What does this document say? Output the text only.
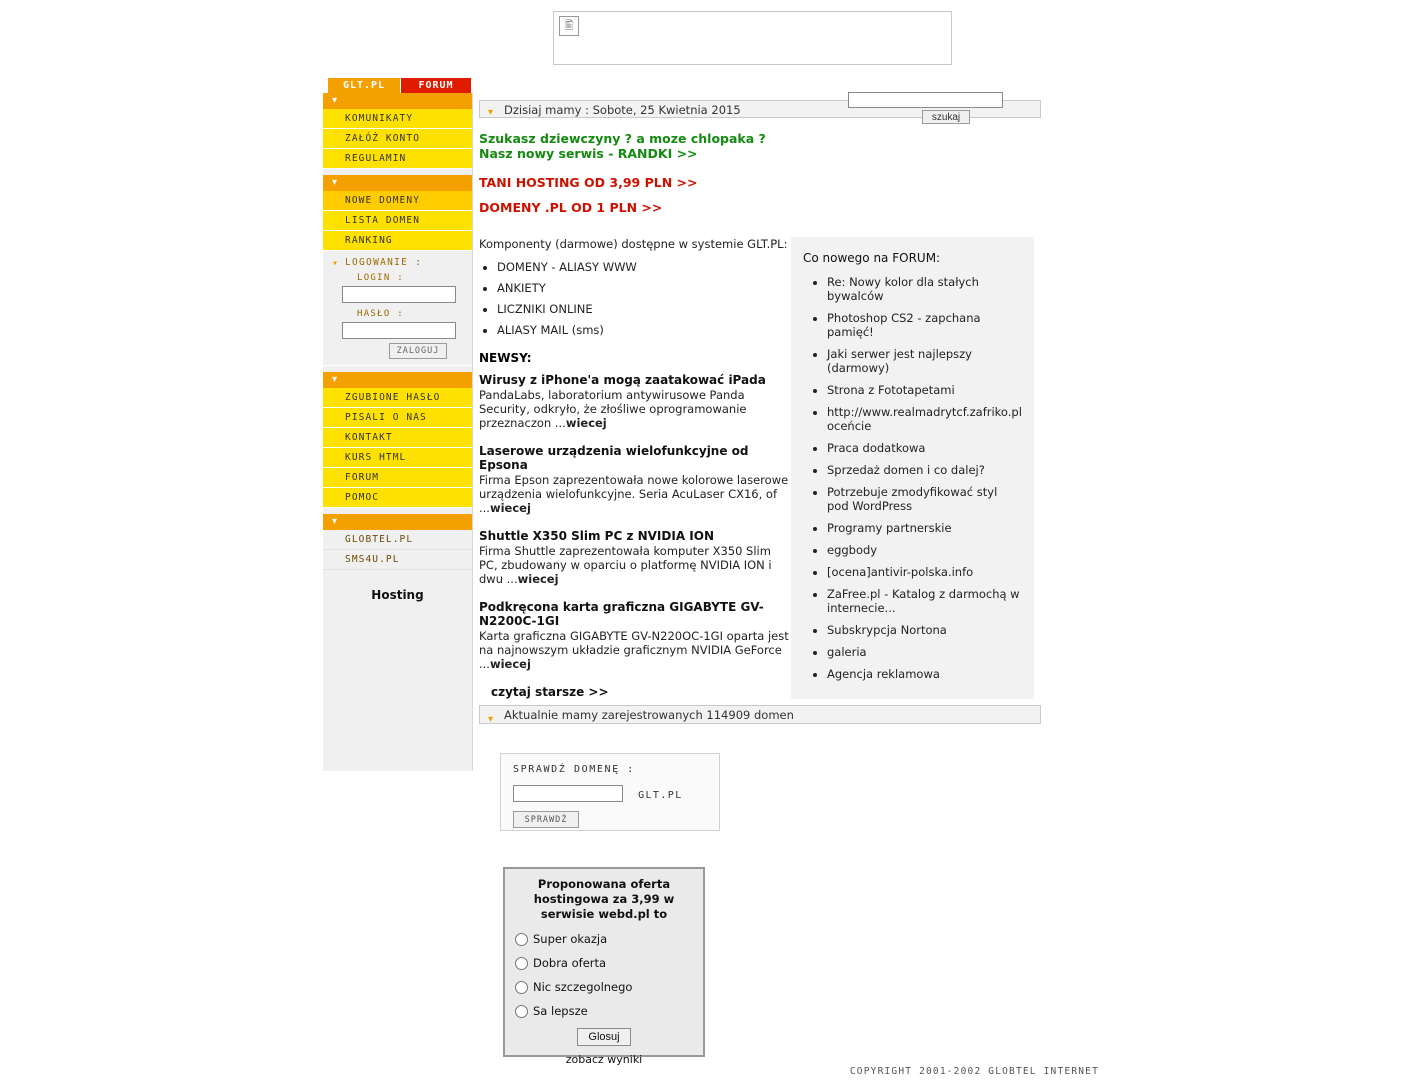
🖺
GLT.PL	FORUM
▾
KOMUNIKATY
ZAŁÓŻ KONTO
REGULAMIN
▾
NOWE DOMENY
LISTA DOMEN
RANKING
▾ LOGOWANIE :
LOGIN :
HASŁO :
ZALOGUJ
▾
ZGUBIONE HASŁO
PISALI O NAS
KONTAKT
KURS HTML
FORUM
POMOC
▾
GLOBTEL.PL
SMS4U.PL
Hosting
▾ Dzisiaj mamy : Sobote, 25 Kwietnia 2015
Szukasz dziewczyny ? a moze chlopaka ?
Nasz nowy serwis - RANDKI >>
TANI HOSTING OD 3,99 PLN >>
DOMENY .PL OD 1 PLN >>
Komponenty (darmowe) dostępne w systemie GLT.PL:
• DOMENY - ALIASY WWW
• ANKIETY
• LICZNIKI ONLINE
• ALIASY MAIL (sms)
NEWSY:
Wirusy z iPhone'a mogą zaatakować iPada
PandaLabs, laboratorium antywirusowe Panda Security, odkryło, że złośliwe oprogramowanie przeznaczon ...wiecej
Laserowe urządzenia wielofunkcyjne od Epsona
Firma Epson zaprezentowała nowe kolorowe laserowe urządzenia wielofunkcyjne. Seria AcuLaser CX16, of ...wiecej
Shuttle X350 Slim PC z NVIDIA ION
Firma Shuttle zaprezentowała komputer X350 Slim PC, zbudowany w oparciu o platformę NVIDIA ION i dwu ...wiecej
Podkręcona karta graficzna GIGABYTE GV-N2200C-1GI
Karta graficzna GIGABYTE GV-N220OC-1GI oparta jest na najnowszym układzie graficznym NVIDIA GeForce ...wiecej
czytaj starsze >>
Co nowego na FORUM:
• Re: Nowy kolor dla stałych bywalców
• Photoshop CS2 - zapchana pamięć!
• Jaki serwer jest najlepszy (darmowy)
• Strona z Fototapetami
• http://www.realmadrytcf.zafriko.pl oceńcie
• Praca dodatkowa
• Sprzedaż domen i co dalej?
• Potrzebuje zmodyfikować styl pod WordPress
• Programy partnerskie
• eggbody
• [ocena]antivir-polska.info
• ZaFree.pl - Katalog z darmochą w internecie...
• Subskrypcja Nortona
• galeria
• Agencja reklamowa
szukaj
▾ Aktualnie mamy zarejestrowanych 114909 domen
SPRAWDŹ DOMENĘ :
GLT.PL SPRAWDŹ
Proponowana oferta hostingowa za 3,99 w serwisie webd.pl to
Super okazja
Dobra oferta
Nic szczegolnego
Sa lepsze
Glosuj
zobacz wyniki
COPYRIGHT 2001-2002 GLOBTEL INTERNET
